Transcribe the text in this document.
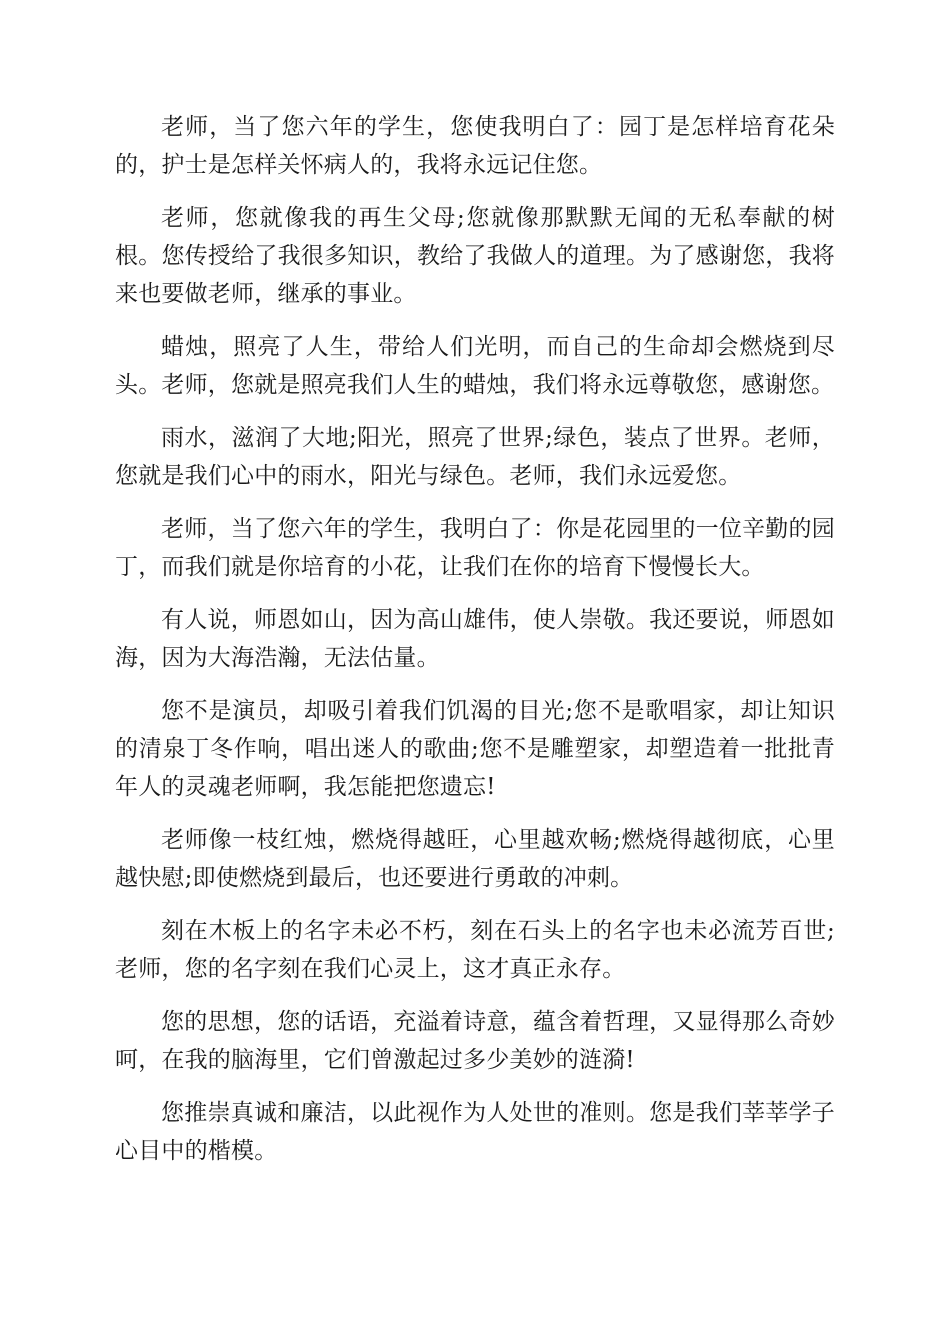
老师，当了您六年的学生，您使我明白了：园丁是怎样培育花朵的，护士是怎样关怀病人的，我将永远记住您。

老师，您就像我的再生父母;您就像那默默无闻的无私奉献的树根。您传授给了我很多知识，教给了我做人的道理。为了感谢您，我将来也要做老师，继承的事业。

蜡烛，照亮了人生，带给人们光明，而自己的生命却会燃烧到尽头。老师，您就是照亮我们人生的蜡烛，我们将永远尊敬您，感谢您。

雨水，滋润了大地;阳光，照亮了世界;绿色，装点了世界。老师，您就是我们心中的雨水，阳光与绿色。老师，我们永远爱您。

老师，当了您六年的学生，我明白了：你是花园里的一位辛勤的园丁，而我们就是你培育的小花，让我们在你的培育下慢慢长大。

有人说，师恩如山，因为高山雄伟，使人崇敬。我还要说，师恩如海，因为大海浩瀚，无法估量。

您不是演员，却吸引着我们饥渴的目光;您不是歌唱家，却让知识的清泉丁冬作响，唱出迷人的歌曲;您不是雕塑家，却塑造着一批批青年人的灵魂老师啊，我怎能把您遗忘!

老师像一枝红烛，燃烧得越旺，心里越欢畅;燃烧得越彻底，心里越快慰;即使燃烧到最后，也还要进行勇敢的冲刺。

刻在木板上的名字未必不朽，刻在石头上的名字也未必流芳百世;老师，您的名字刻在我们心灵上，这才真正永存。

您的思想，您的话语，充溢着诗意，蕴含着哲理，又显得那么奇妙呵，在我的脑海里，它们曾激起过多少美妙的涟漪!

您推崇真诚和廉洁，以此视作为人处世的准则。您是我们莘莘学子心目中的楷模。
